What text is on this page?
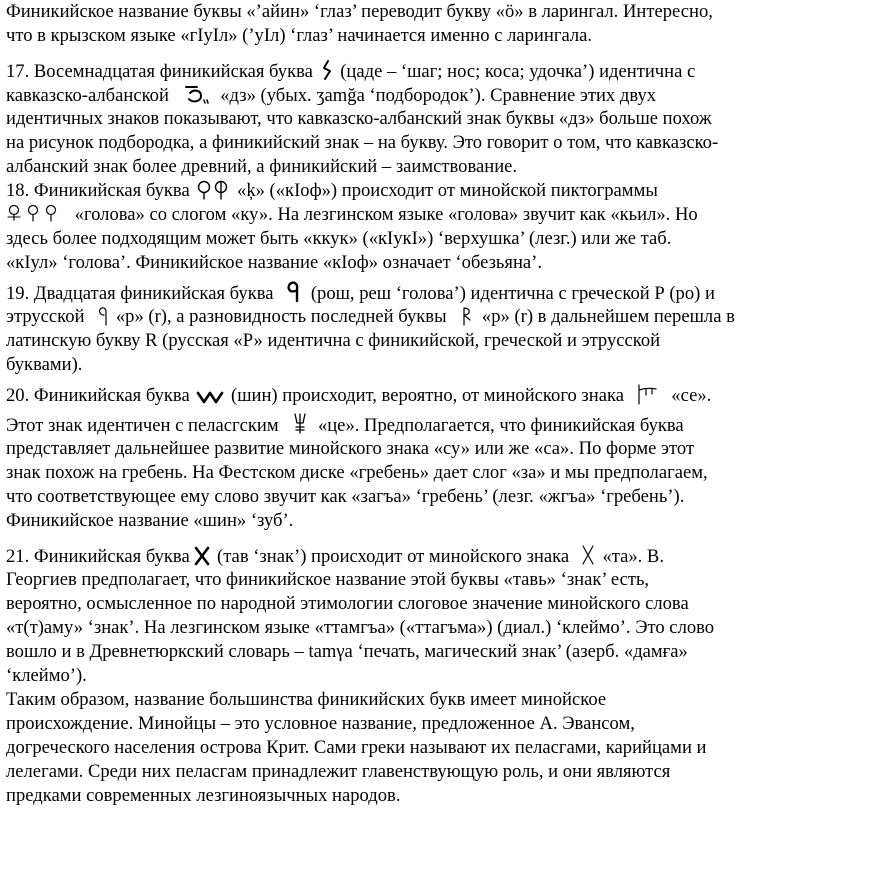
Финикийское название буквы «’айин» ‘глаз’ переводит букву «ö» в ларингал. Интересно,
что в крызском языке «гIуIл» (’уIл) ‘глаз’ начинается именно с ларингала.
17. Восемнадцатая финикийская буква (цаде – ‘шаг; нос; коса; удочка’) идентична с
кавказско-албанской	«дз» (убых. ʒamğa ‘подбородок’). Сравнение этих двух
идентичных знаков показывают, что кавказско-албанский знак буквы «дз» больше похож
на рисунок подбородка, а финикийский знак – на букву. Это говорит о том, что кавказско-
албанский знак более древний, а финикийский – заимствование.
18. Финикийская буква	«ķ» («кIоф») происходит от минойской пиктограммы
«голова» со слогом «ку». На лезгинском языке «голова» звучит как «кьил». Но
здесь более подходящим может быть «ккук» («кIукI») ‘верхушка’ (лезг.) или же таб.
«кIул» ‘голова’. Финикийское название «кIоф» означает ‘обезьяна’.
19. Двадцатая финикийская буква (рош, реш ‘голова’) идентична с греческой Р (ро) и
этрусской «р» (r), а разновидность последней буквы «р» (r) в дальнейшем перешла в
латинскую букву R (русская «Р» идентична с финикийской, греческой и этрусской
буквами).
20. Финикийская буква (шин) происходит, вероятно, от минойского знака	«се».
Этот знак идентичен с пеласгским «це». Предполагается, что финикийская буква
представляет дальнейшее развитие минойского знака «су» или же «са». По форме этот
знак похож на гребень. На Фестском диске «гребень» дает слог «за» и мы предполагаем,
что соответствующее ему слово звучит как «загъа» ‘гребень’ (лезг. «жгъа» ‘гребень’).
Финикийское название «шин» ‘зуб’.
21. Финикийская буква (тав ‘знак’) происходит от минойского знака «та». В.
Георгиев предполагает, что финикийское название этой буквы «тавь» ‘знак’ есть,
вероятно, осмысленное по народной этимологии слоговое значение минойского слова
«т(т)аму» ‘знак’. На лезгинском языке «ттамгъа» («ттагъма») (диал.) ‘клеймо’. Это слово
вошло и в Древнетюркский словарь – tamγa ‘печать, магический знак’ (азерб. «дамға»
‘клеймо’).
Таким образом, название большинства финикийских букв имеет минойское
происхождение. Минойцы – это условное название, предложенное А. Эвансом,
догреческого населения острова Крит. Сами греки называют их пеласгами, карийцами и
лелегами. Среди них пеласгам принадлежит главенствующую роль, и они являются
предками современных лезгиноязычных народов.
